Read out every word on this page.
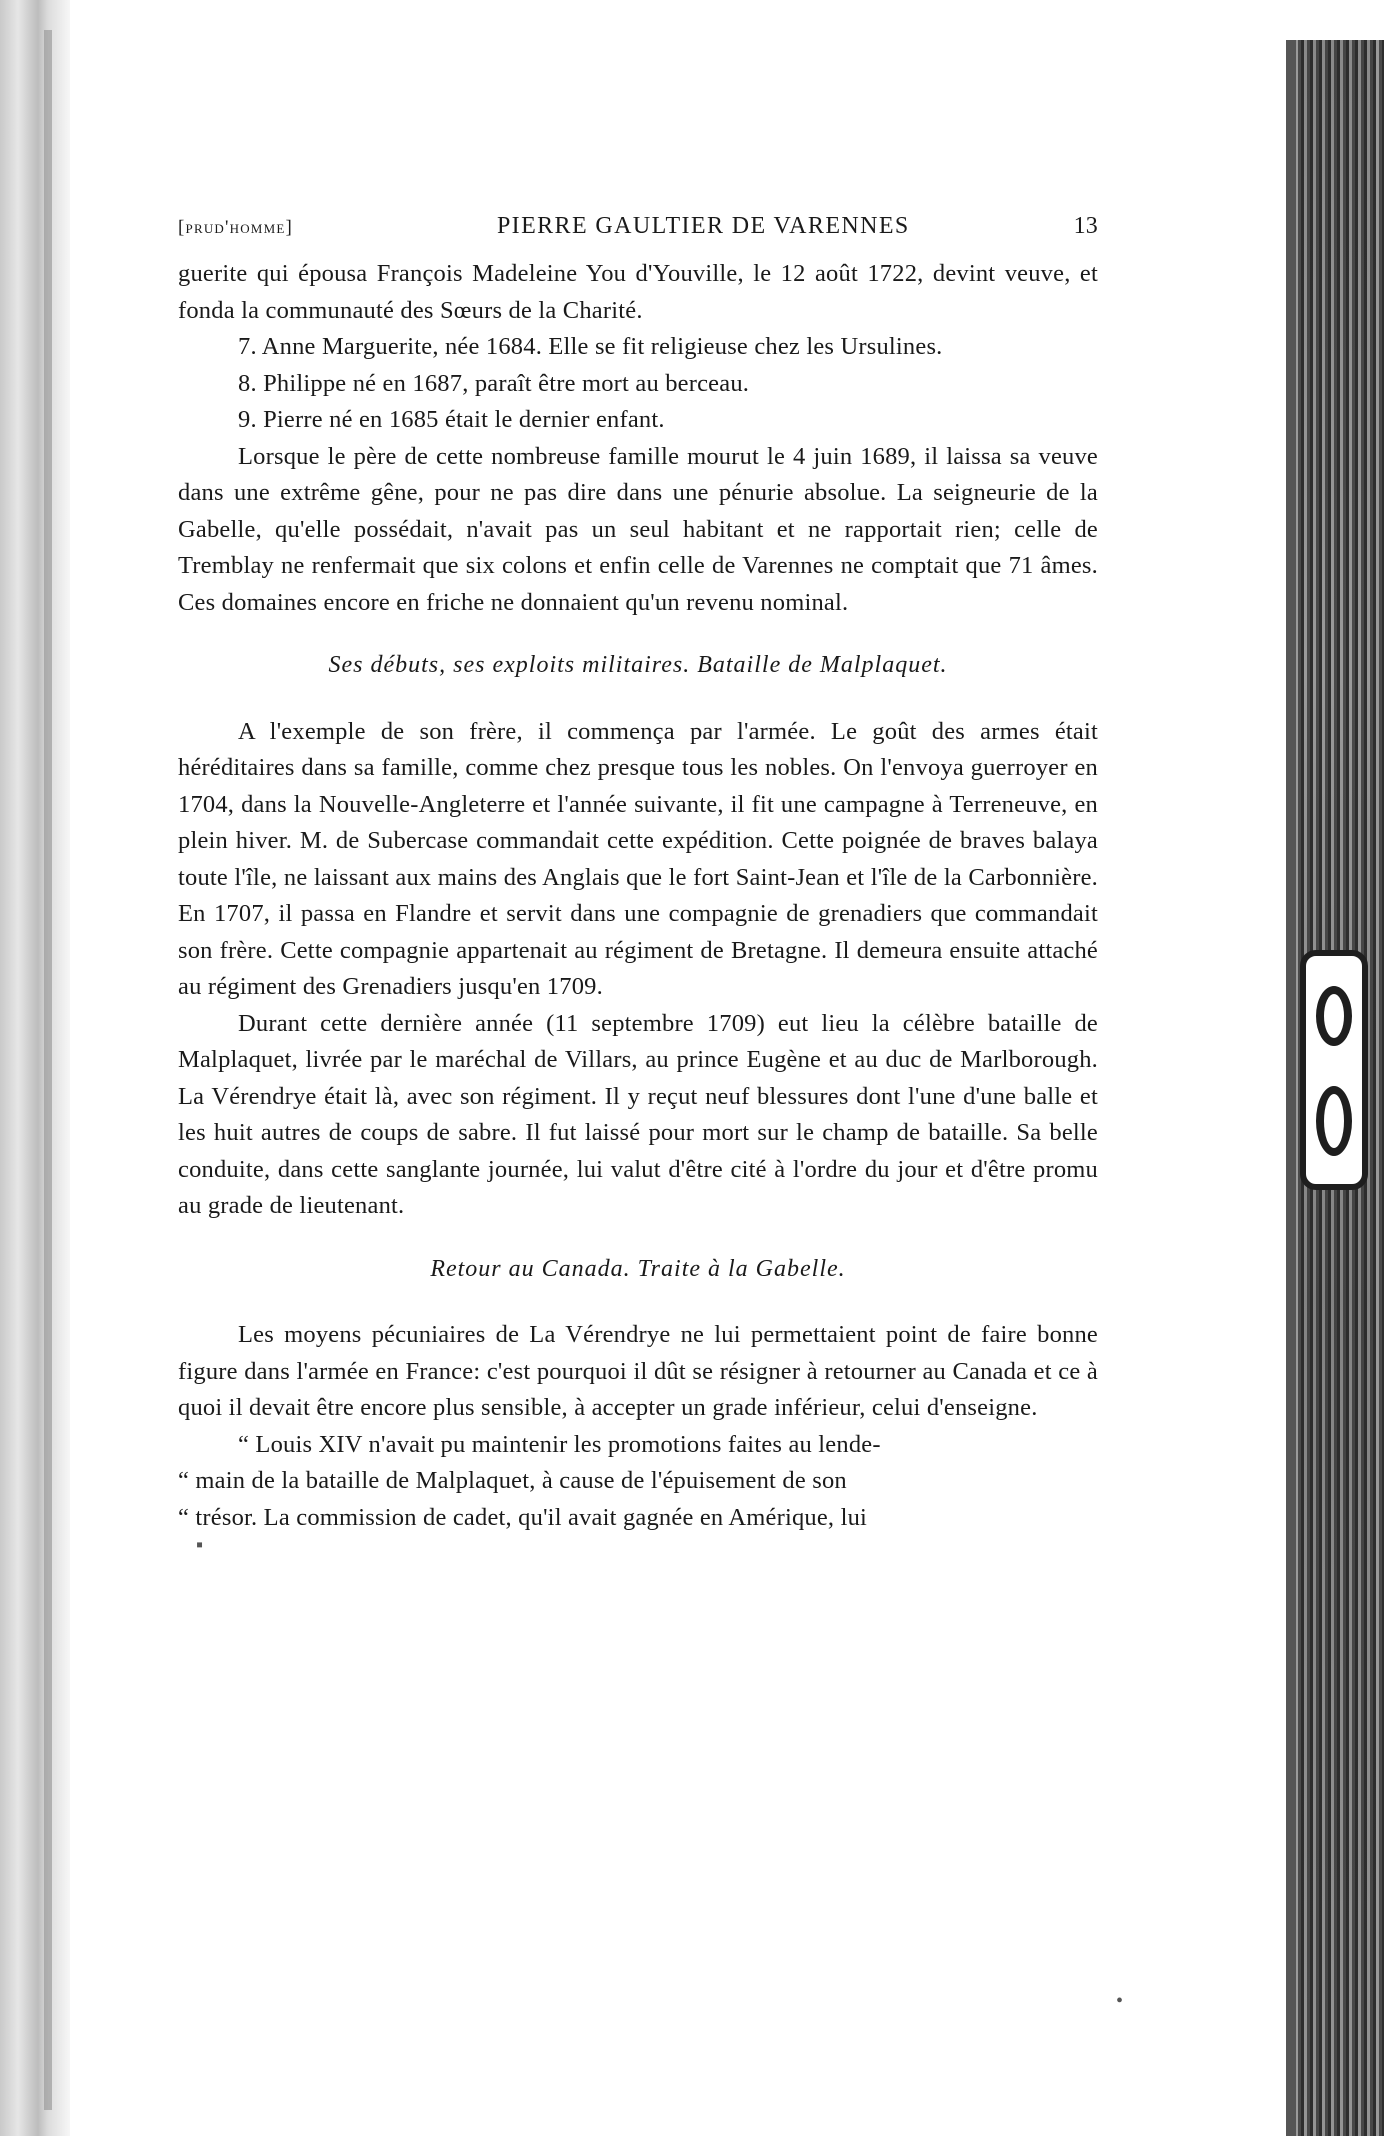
[prud'homme]	PIERRE GAULTIER DE VARENNES	13

guerite qui épousa François Madeleine You d'Youville, le 12 août 1722, devint veuve, et fonda la communauté des Sœurs de la Charité.

7. Anne Marguerite, née 1684. Elle se fit religieuse chez les Ursulines.

8. Philippe né en 1687, paraît être mort au berceau.

9. Pierre né en 1685 était le dernier enfant.

Lorsque le père de cette nombreuse famille mourut le 4 juin 1689, il laissa sa veuve dans une extrême gêne, pour ne pas dire dans une pénurie absolue. La seigneurie de la Gabelle, qu'elle possédait, n'avait pas un seul habitant et ne rapportait rien; celle de Tremblay ne renfermait que six colons et enfin celle de Varennes ne comptait que 71 âmes. Ces domaines encore en friche ne donnaient qu'un revenu nominal.

Ses débuts, ses exploits militaires. Bataille de Malplaquet.

A l'exemple de son frère, il commença par l'armée. Le goût des armes était héréditaires dans sa famille, comme chez presque tous les nobles. On l'envoya guerroyer en 1704, dans la Nouvelle-Angleterre et l'année suivante, il fit une campagne à Terreneuve, en plein hiver. M. de Subercase commandait cette expédition. Cette poignée de braves balaya toute l'île, ne laissant aux mains des Anglais que le fort Saint-Jean et l'île de la Carbonnière. En 1707, il passa en Flandre et servit dans une compagnie de grenadiers que commandait son frère. Cette compagnie appartenait au régiment de Bretagne. Il demeura ensuite attaché au régiment des Grenadiers jusqu'en 1709.

Durant cette dernière année (11 septembre 1709) eut lieu la célèbre bataille de Malplaquet, livrée par le maréchal de Villars, au prince Eugène et au duc de Marlborough. La Vérendrye était là, avec son régiment. Il y reçut neuf blessures dont l'une d'une balle et les huit autres de coups de sabre. Il fut laissé pour mort sur le champ de bataille. Sa belle conduite, dans cette sanglante journée, lui valut d'être cité à l'ordre du jour et d'être promu au grade de lieutenant.

Retour au Canada. Traite à la Gabelle.

Les moyens pécuniaires de La Vérendrye ne lui permettaient point de faire bonne figure dans l'armée en France: c'est pourquoi il dût se résigner à retourner au Canada et ce à quoi il devait être encore plus sensible, à accepter un grade inférieur, celui d'enseigne.

“ Louis XIV n'avait pu maintenir les promotions faites au lende-

“ main de la bataille de Malplaquet, à cause de l'épuisement de son

“ trésor. La commission de cadet, qu'il avait gagnée en Amérique, lui

▪
•
